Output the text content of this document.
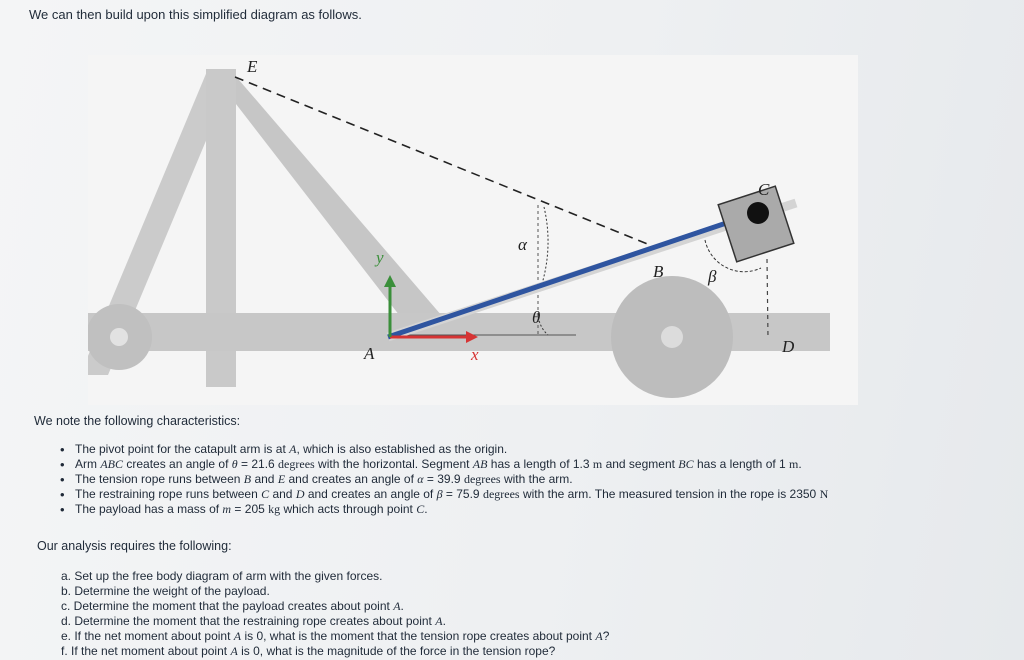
We can then build upon this simplified diagram as follows.
E
y
A	x
α
θ
B	β
C
D
We note the following characteristics:
• The pivot point for the catapult arm is at A, which is also established as the origin.
• Arm ABC creates an angle of θ = 21.6 degrees with the horizontal. Segment AB has a length of 1.3 m and segment BC has a length of 1 m.
• The tension rope runs between B and E and creates an angle of α = 39.9 degrees with the arm.
• The restraining rope runs between C and D and creates an angle of β = 75.9 degrees with the arm. The measured tension in the rope is 2350 N
• The payload has a mass of m = 205 kg which acts through point C.
Our analysis requires the following:
a. Set up the free body diagram of arm with the given forces.
b. Determine the weight of the payload.
c. Determine the moment that the payload creates about point A.
d. Determine the moment that the restraining rope creates about point A.
e. If the net moment about point A is 0, what is the moment that the tension rope creates about point A?
f. If the net moment about point A is 0, what is the magnitude of the force in the tension rope?
